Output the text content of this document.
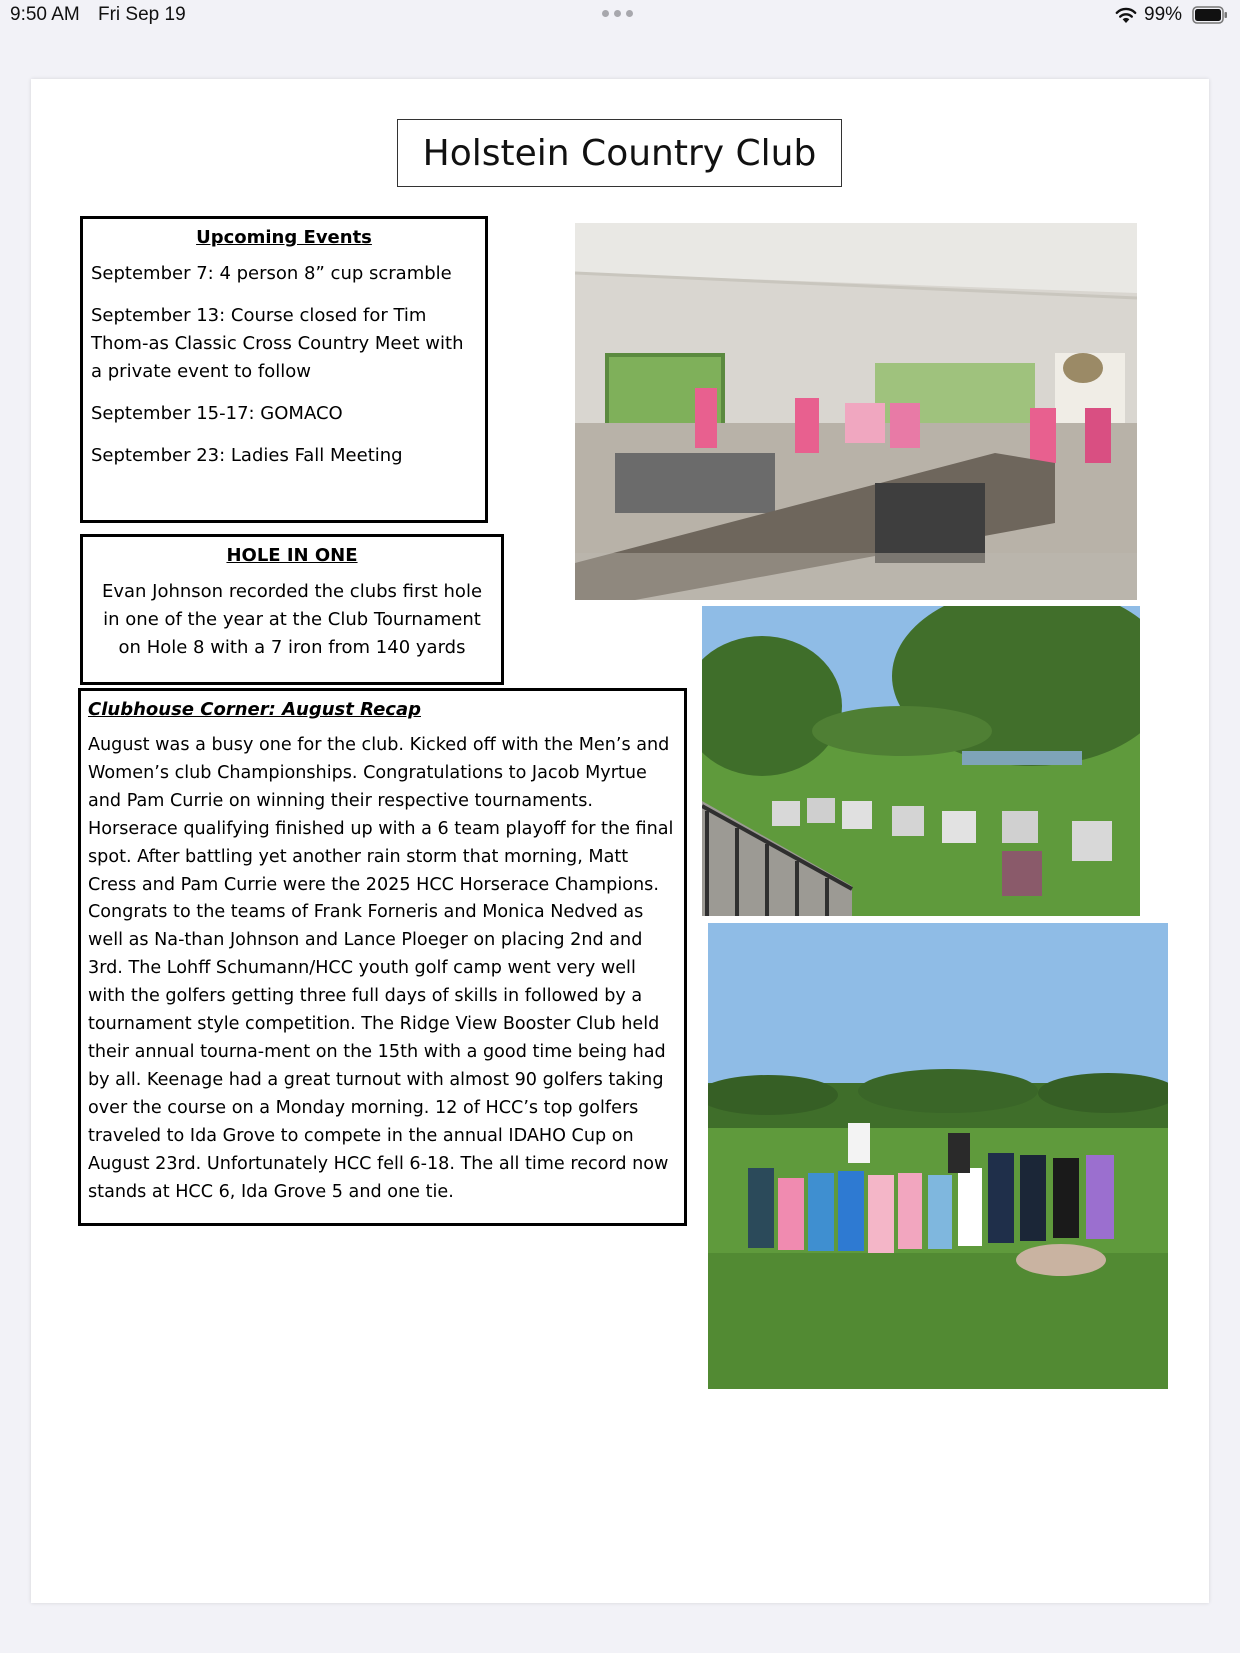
9:50 AM Fri Sep 19	99%
Holstein Country Club
Upcoming Events
September 7: 4 person 8” cup scramble
September 13: Course closed for Tim Thom-as Classic Cross Country Meet with a private event to follow
September 15-17: GOMACO
September 23: Ladies Fall Meeting
HOLE IN ONE

Evan Johnson recorded the clubs first hole in one of the year at the Club Tournament on Hole 8 with a 7 iron from 140 yards

Clubhouse Corner: August Recap

August was a busy one for the club. Kicked off with the Men’s and Women’s club Championships. Congratulations to Jacob Myrtue and Pam Currie on winning their respective tournaments. Horserace qualifying finished up with a 6 team playoff for the final spot. After battling yet another rain storm that morning, Matt Cress and Pam Currie were the 2025 HCC Horserace Champions. Congrats to the teams of Frank Forneris and Monica Nedved as well as Na-than Johnson and Lance Ploeger on placing 2nd and 3rd. The Lohff Schumann/HCC youth golf camp went very well with the golfers getting three full days of skills in followed by a tournament style competition. The Ridge View Booster Club held their annual tourna-ment on the 15th with a good time being had by all. Keenage had a great turnout with almost 90 golfers taking over the course on a Monday morning. 12 of HCC’s top golfers traveled to Ida Grove to compete in the annual IDAHO Cup on August 23rd. Unfortunately HCC fell 6-18. The all time record now stands at HCC 6, Ida Grove 5 and one tie.
